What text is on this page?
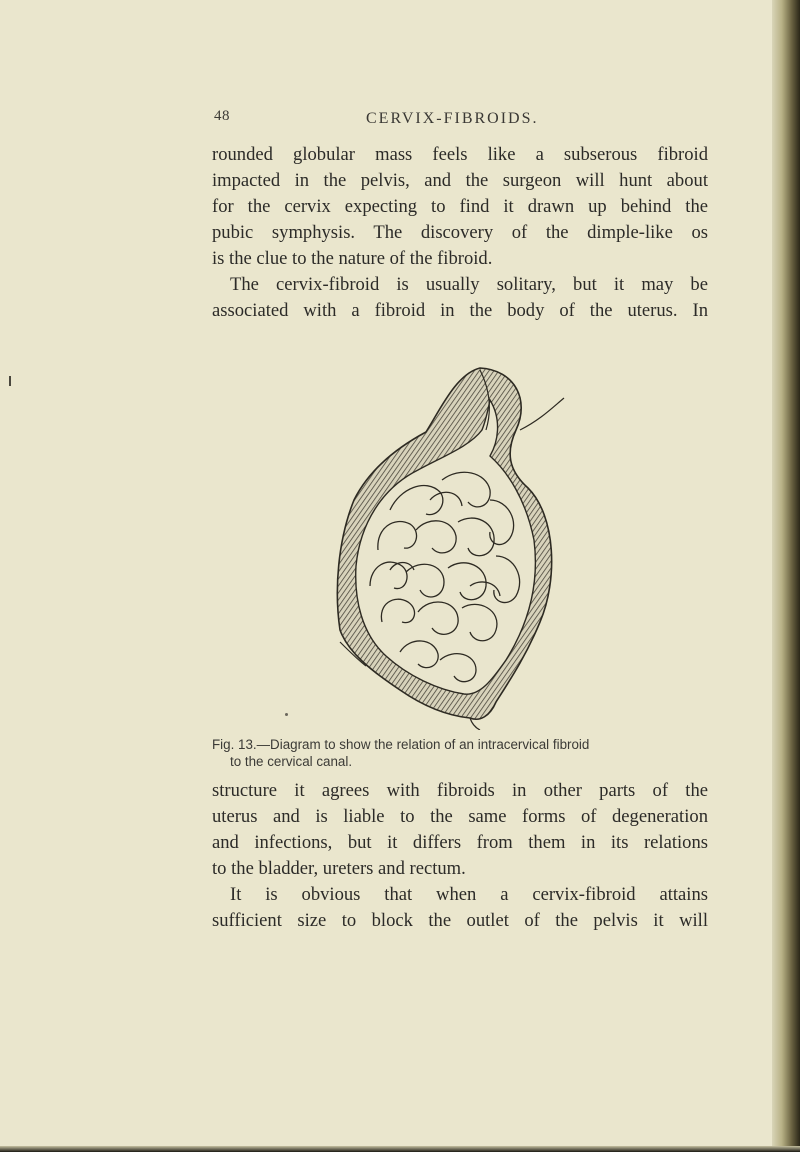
48	CERVIX-FIBROIDS.
rounded globular mass feels like a subserous fibroid
impacted in the pelvis, and the surgeon will hunt about
for the cervix expecting to find it drawn up behind the
pubic symphysis. The discovery of the dimple-like os
is the clue to the nature of the fibroid.
The cervix-fibroid is usually solitary, but it may be
associated with a fibroid in the body of the uterus. In
Fig. 13.—Diagram to show the relation of an intracervical fibroid
to the cervical canal.
structure it agrees with fibroids in other parts of the
uterus and is liable to the same forms of degeneration
and infections, but it differs from them in its relations
to the bladder, ureters and rectum.
It is obvious that when a cervix-fibroid attains
sufficient size to block the outlet of the pelvis it will
